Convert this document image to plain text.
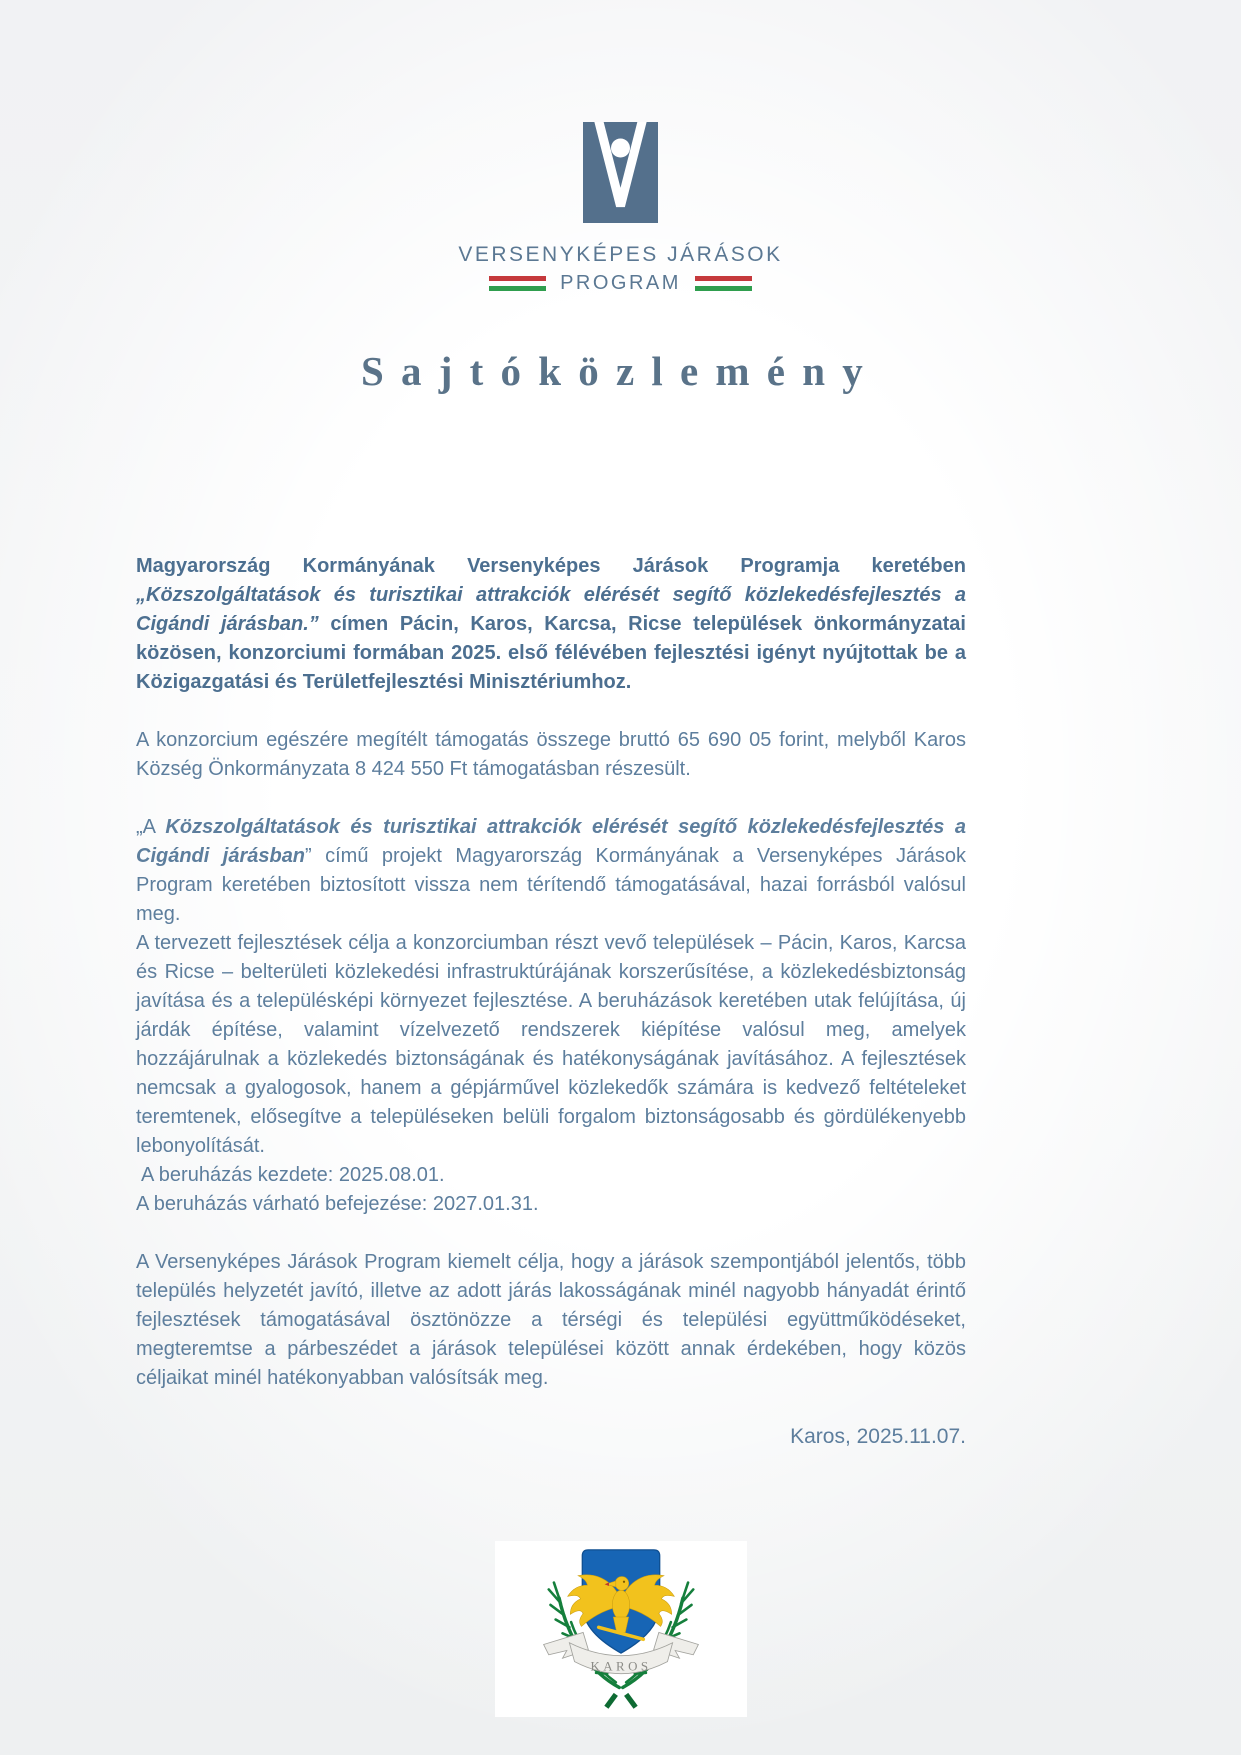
VERSENYKÉPES JÁRÁSOK
PROGRAM
Sajtóközlemény

Magyarország Kormányának Versenyképes Járások Programja keretében „Közszolgáltatások és turisztikai attrakciók elérését segítő közlekedésfejlesztés a Cigándi járásban.” címen Pácin, Karos, Karcsa, Ricse települések önkormányzatai közösen, konzorciumi formában 2025. első félévében fejlesztési igényt nyújtottak be a Közigazgatási és Területfejlesztési Minisztériumhoz.

A konzorcium egészére megítélt támogatás összege bruttó 65 690 05 forint, melyből Karos Község Önkormányzata 8 424 550 Ft támogatásban részesült.

„A Közszolgáltatások és turisztikai attrakciók elérését segítő közlekedésfejlesztés a Cigándi járásban” című projekt Magyarország Kormányának a Versenyképes Járások Program keretében biztosított vissza nem térítendő támogatásával, hazai forrásból valósul meg.

A tervezett fejlesztések célja a konzorciumban részt vevő települések – Pácin, Karos, Karcsa és Ricse – belterületi közlekedési infrastruktúrájának korszerűsítése, a közlekedésbiztonság javítása és a településképi környezet fejlesztése. A beruházások keretében utak felújítása, új járdák építése, valamint vízelvezető rendszerek kiépítése valósul meg, amelyek hozzájárulnak a közlekedés biztonságának és hatékonyságának javításához. A fejlesztések nemcsak a gyalogosok, hanem a gépjárművel közlekedők számára is kedvező feltételeket teremtenek, elősegítve a településeken belüli forgalom biztonságosabb és gördülékenyebb lebonyolítását.

A beruházás kezdete: 2025.08.01.

A beruházás várható befejezése: 2027.01.31.

A Versenyképes Járások Program kiemelt célja, hogy a járások szempontjából jelentős, több település helyzetét javító, illetve az adott járás lakosságának minél nagyobb hányadát érintő fejlesztések támogatásával ösztönözze a térségi és települési együttműködéseket, megteremtse a párbeszédet a járások települései között annak érdekében, hogy közös céljaikat minél hatékonyabban valósítsák meg.

Karos, 2025.11.07.
KAROS
